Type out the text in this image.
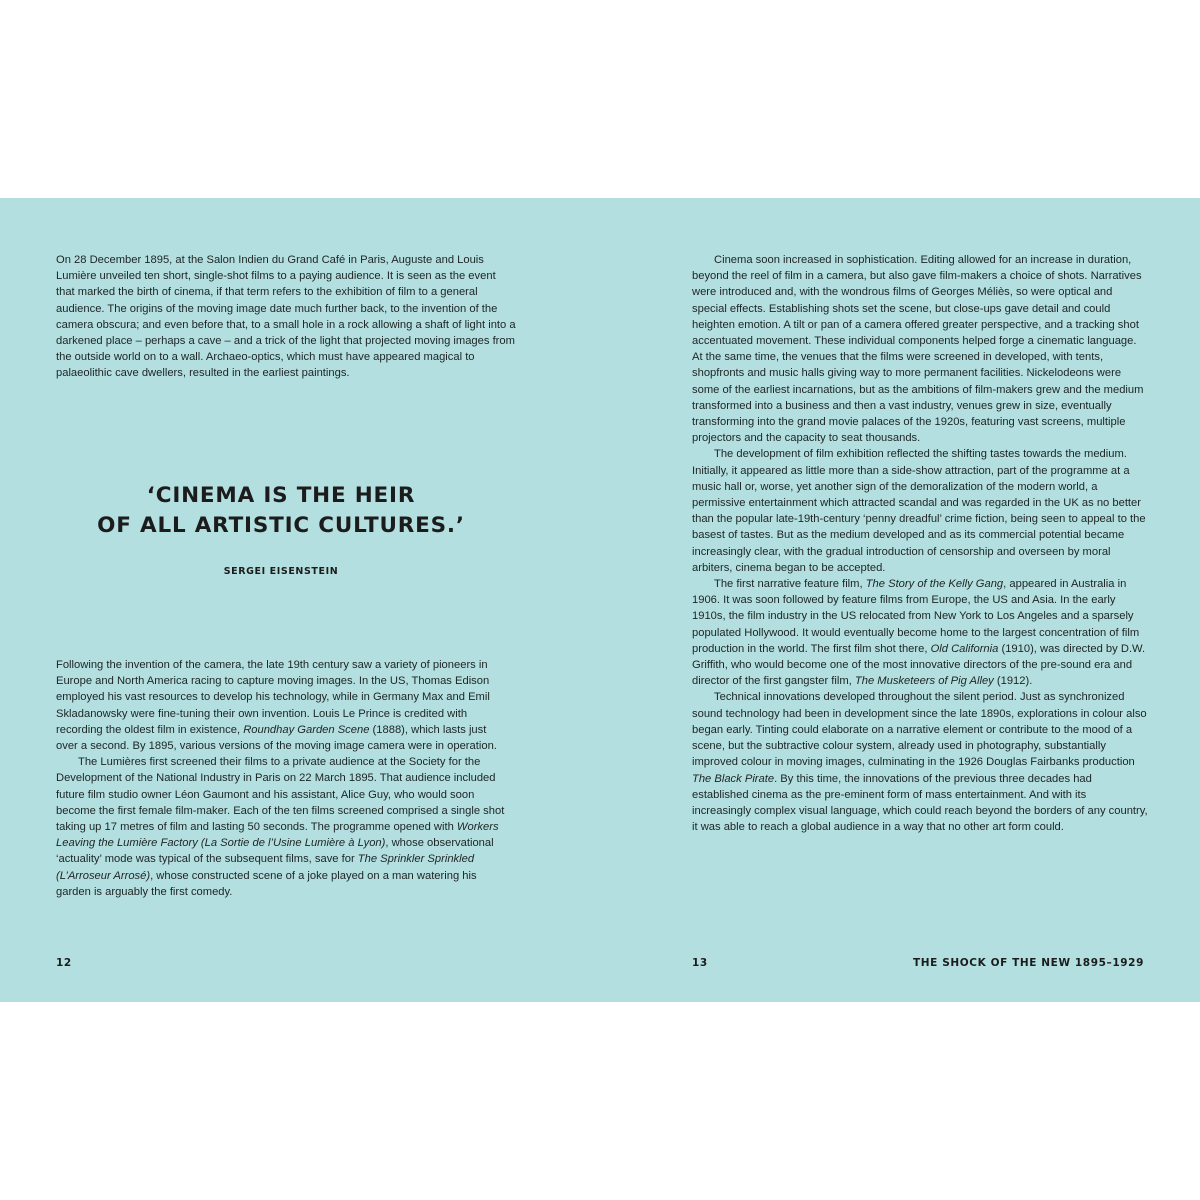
On 28 December 1895, at the Salon Indien du Grand Café in Paris, Auguste and Louis Lumière unveiled ten short, single-shot films to a paying audience. It is seen as the event that marked the birth of cinema, if that term refers to the exhibition of film to a general audience. The origins of the moving image date much further back, to the invention of the camera obscura; and even before that, to a small hole in a rock allowing a shaft of light into a darkened place – perhaps a cave – and a trick of the light that projected moving images from the outside world on to a wall. Archaeo-optics, which must have appeared magical to palaeolithic cave dwellers, resulted in the earliest paintings.

‘CINEMA IS THE HEIR
OF ALL ARTISTIC CULTURES.’
SERGEI EISENSTEIN

Following the invention of the camera, the late 19th century saw a variety of pioneers in Europe and North America racing to capture moving images. In the US, Thomas Edison employed his vast resources to develop his technology, while in Germany Max and Emil Skladanowsky were fine-tuning their own invention. Louis Le Prince is credited with recording the oldest film in existence, Roundhay Garden Scene (1888), which lasts just over a second. By 1895, various versions of the moving image camera were in operation.

The Lumières first screened their films to a private audience at the Society for the Development of the National Industry in Paris on 22 March 1895. That audience included future film studio owner Léon Gaumont and his assistant, Alice Guy, who would soon become the first female film-maker. Each of the ten films screened comprised a single shot taking up 17 metres of film and lasting 50 seconds. The programme opened with Workers Leaving the Lumière Factory (La Sortie de l’Usine Lumière à Lyon), whose observational ‘actuality’ mode was typical of the subsequent films, save for The Sprinkler Sprinkled (L’Arroseur Arrosé), whose constructed scene of a joke played on a man watering his garden is arguably the first comedy.

Cinema soon increased in sophistication. Editing allowed for an increase in duration, beyond the reel of film in a camera, but also gave film-makers a choice of shots. Narratives were introduced and, with the wondrous films of Georges Méliès, so were optical and special effects. Establishing shots set the scene, but close-ups gave detail and could heighten emotion. A tilt or pan of a camera offered greater perspective, and a tracking shot accentuated movement. These individual components helped forge a cinematic language. At the same time, the venues that the films were screened in developed, with tents, shopfronts and music halls giving way to more permanent facilities. Nickelodeons were some of the earliest incarnations, but as the ambitions of film-makers grew and the medium transformed into a business and then a vast industry, venues grew in size, eventually transforming into the grand movie palaces of the 1920s, featuring vast screens, multiple projectors and the capacity to seat thousands.

The development of film exhibition reflected the shifting tastes towards the medium. Initially, it appeared as little more than a side-show attraction, part of the programme at a music hall or, worse, yet another sign of the demoralization of the modern world, a permissive entertainment which attracted scandal and was regarded in the UK as no better than the popular late-19th-century ‘penny dreadful’ crime fiction, being seen to appeal to the basest of tastes. But as the medium developed and as its commercial potential became increasingly clear, with the gradual introduction of censorship and overseen by moral arbiters, cinema began to be accepted.

The first narrative feature film, The Story of the Kelly Gang, appeared in Australia in 1906. It was soon followed by feature films from Europe, the US and Asia. In the early 1910s, the film industry in the US relocated from New York to Los Angeles and a sparsely populated Hollywood. It would eventually become home to the largest concentration of film production in the world. The first film shot there, Old California (1910), was directed by D.W. Griffith, who would become one of the most innovative directors of the pre-sound era and director of the first gangster film, The Musketeers of Pig Alley (1912).

Technical innovations developed throughout the silent period. Just as synchronized sound technology had been in development since the late 1890s, explorations in colour also began early. Tinting could elaborate on a narrative element or contribute to the mood of a scene, but the subtractive colour system, already used in photography, substantially improved colour in moving images, culminating in the 1926 Douglas Fairbanks production The Black Pirate. By this time, the innovations of the previous three decades had established cinema as the pre-eminent form of mass entertainment. And with its increasingly complex visual language, which could reach beyond the borders of any country, it was able to reach a global audience in a way that no other art form could.

12	13	THE SHOCK OF THE NEW 1895–1929
